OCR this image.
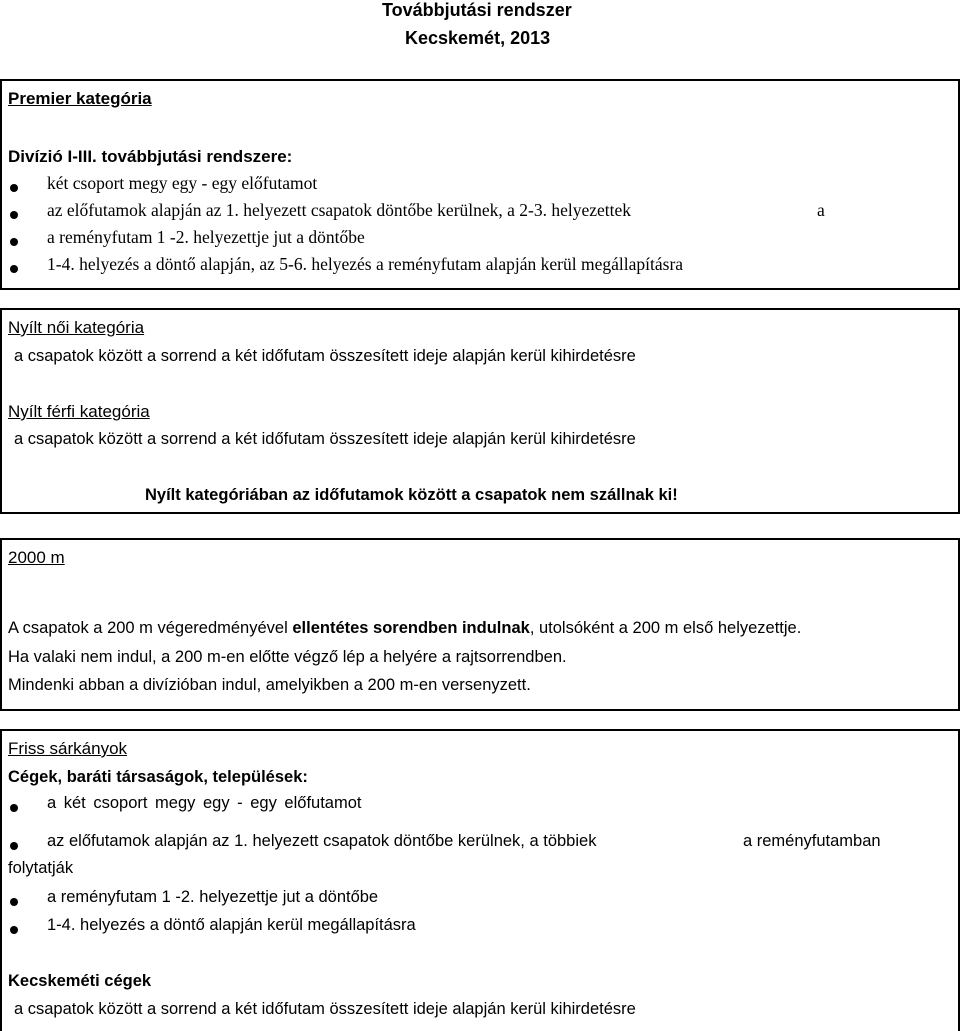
Továbbjutási rendszer
Kecskemét, 2013
Premier kategória
Divízió I-III. továbbjutási rendszere:
két csoport megy egy - egy előfutamot
az előfutamok alapján az 1. helyezett csapatok döntőbe kerülnek, a 2-3. helyezettek	a
a reményfutam 1 -2. helyezettje jut a döntőbe
1-4. helyezés a döntő alapján, az 5-6. helyezés a reményfutam alapján kerül megállapításra
Nyílt női kategória
a csapatok között a sorrend a két időfutam összesített ideje alapján kerül kihirdetésre
Nyílt férfi kategória
a csapatok között a sorrend a két időfutam összesített ideje alapján kerül kihirdetésre
Nyílt kategóriában az időfutamok között a csapatok nem szállnak ki!
2000 m
A csapatok a 200 m végeredményével ellentétes sorendben indulnak, utolsóként a 200 m első helyezettje.
Ha valaki nem indul, a 200 m-en előtte végző lép a helyére a rajtsorrendben.
Mindenki abban a divízióban indul, amelyikben a 200 m-en versenyzett.
Friss sárkányok
Cégek, baráti társaságok, települések:
a két csoport megy egy - egy előfutamot
az előfutamok alapján az 1. helyezett csapatok döntőbe kerülnek, a többiek	a reményfutamban
folytatják
a reményfutam 1 -2. helyezettje jut a döntőbe
1-4. helyezés a döntő alapján kerül megállapításra
Kecskeméti cégek
a csapatok között a sorrend a két időfutam összesített ideje alapján kerül kihirdetésre
